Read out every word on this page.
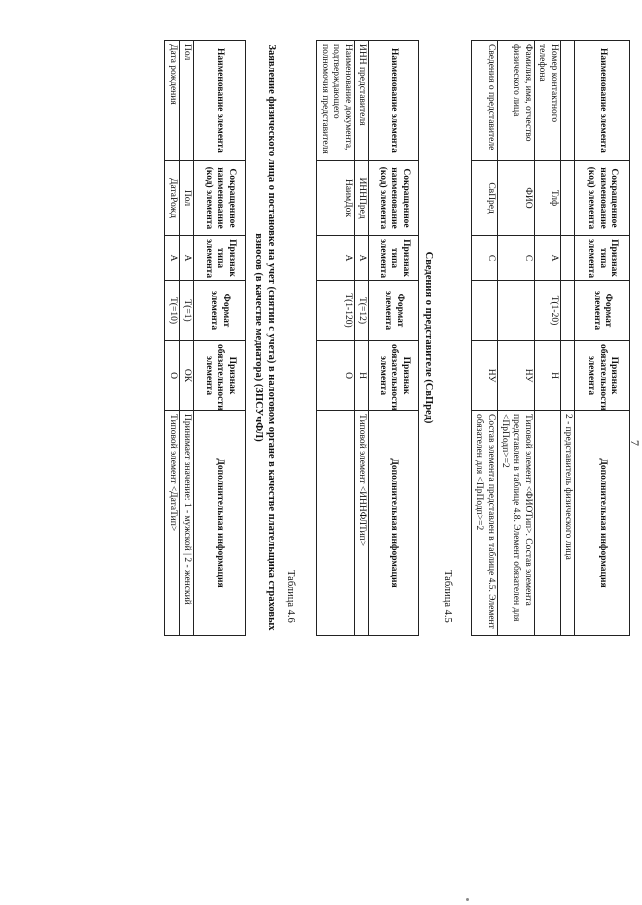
7
Наименование элемента	Сокращенное наименование (код) элемента	Признак типа элемента	Формат элемента	Признак обязательности элемента	Дополнительная информация
					2 - представитель физического лица
Номер контактного телефона	Тлф	А	Т(1-20)	Н	
Фамилия, имя, отчество физического лица	ФИО	С		НУ	Типовой элемент <ФИОТип>. Состав элемента представлен в таблице 4.8. Элемент обязателен для <ПрПодп>=2
Сведения о представителе	СвПред	С		НУ	Состав элемента представлен в таблице 4.5. Элемент обязателен для <ПрПодп>=2
Таблица 4.5
Сведения о представителе (СвПред)
Наименование элемента	Сокращенное наименование (код) элемента	Признак типа элемента	Формат элемента	Признак обязательности элемента	Дополнительная информация
ИНН представителя	ИННПред	А	Т(=12)	Н	Типовой элемент <ИННФЛТип>
Наименование документа, подтверждающего полномочия представителя	НаимДок	А	Т(1-120)	О	
Таблица 4.6
Заявление физического лица о постановке на учет (снятии с учета) в налоговом органе в качестве плательщика страховых взносов (в качестве медиатора) (ЗПСУчФЛ)
Наименование элемента	Сокращенное наименование (код) элемента	Признак типа элемента	Формат элемента	Признак обязательности элемента	Дополнительная информация
Пол	Пол	А	Т(=1)	ОК	Принимает значение: 1 - мужской | 2 - женский
Дата рождения	ДатаРожд	А	Т(=10)	О	Типовой элемент <ДатаТип>
